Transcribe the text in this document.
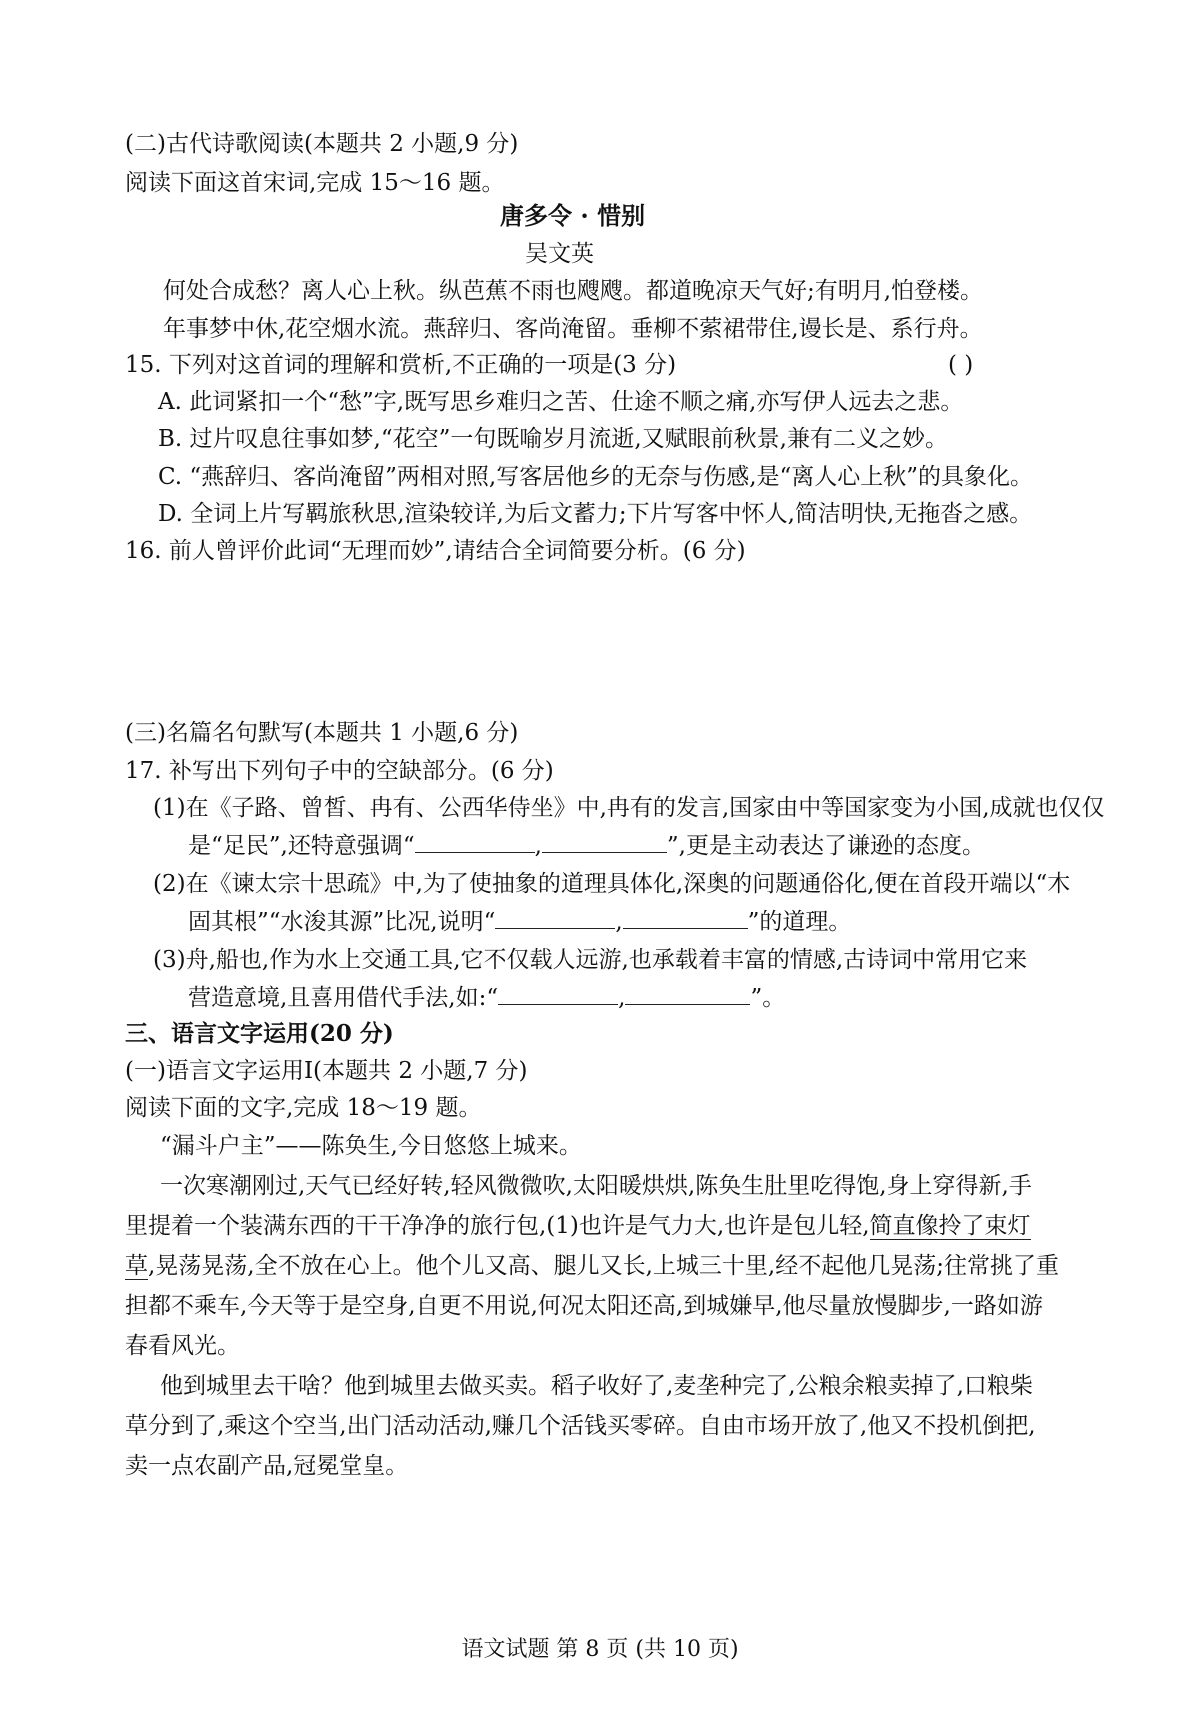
(二)古代诗歌阅读(本题共 2 小题,9 分)
阅读下面这首宋词,完成 15～16 题。
唐多令 · 惜别
吴文英
何处合成愁？离人心上秋。纵芭蕉不雨也飕飕。都道晚凉天气好;有明月,怕登楼。
年事梦中休,花空烟水流。燕辞归、客尚淹留。垂柳不萦裙带住,谩长是、系行舟。
15. 下列对这首词的理解和赏析,不正确的一项是(3 分)	( )
A. 此词紧扣一个“愁”字,既写思乡难归之苦、仕途不顺之痛,亦写伊人远去之悲。
B. 过片叹息往事如梦,“花空”一句既喻岁月流逝,又赋眼前秋景,兼有二义之妙。
C. “燕辞归、客尚淹留”两相对照,写客居他乡的无奈与伤感,是“离人心上秋”的具象化。
D. 全词上片写羁旅秋思,渲染较详,为后文蓄力;下片写客中怀人,简洁明快,无拖沓之感。
16. 前人曾评价此词“无理而妙”,请结合全词简要分析。(6 分)
(三)名篇名句默写(本题共 1 小题,6 分)
17. 补写出下列句子中的空缺部分。(6 分)
(1)在《子路、曾皙、冉有、公西华侍坐》中,冉有的发言,国家由中等国家变为小国,成就也仅仅
是“足民”,还特意强调“	,	”,更是主动表达了谦逊的态度。
(2)在《谏太宗十思疏》中,为了使抽象的道理具体化,深奥的问题通俗化,便在首段开端以“木
固其根”“水浚其源”比况,说明“	,	”的道理。
(3)舟,船也,作为水上交通工具,它不仅载人远游,也承载着丰富的情感,古诗词中常用它来
营造意境,且喜用借代手法,如:“	,	”。
三、语言文字运用(20 分)
(一)语言文字运用Ⅰ(本题共 2 小题,7 分)
阅读下面的文字,完成 18～19 题。
“漏斗户主”——陈奂生,今日悠悠上城来。
一次寒潮刚过,天气已经好转,轻风微微吹,太阳暖烘烘,陈奂生肚里吃得饱,身上穿得新,手
里提着一个装满东西的干干净净的旅行包,(1)也许是气力大,也许是包儿轻,简直像拎了束灯
草,晃荡晃荡,全不放在心上。他个儿又高、腿儿又长,上城三十里,经不起他几晃荡;往常挑了重
担都不乘车,今天等于是空身,自更不用说,何况太阳还高,到城嫌早,他尽量放慢脚步,一路如游
春看风光。
他到城里去干啥？他到城里去做买卖。稻子收好了,麦垄种完了,公粮余粮卖掉了,口粮柴
草分到了,乘这个空当,出门活动活动,赚几个活钱买零碎。自由市场开放了,他又不投机倒把,
卖一点农副产品,冠冕堂皇。
语文试题 第 8 页 (共 10 页)
